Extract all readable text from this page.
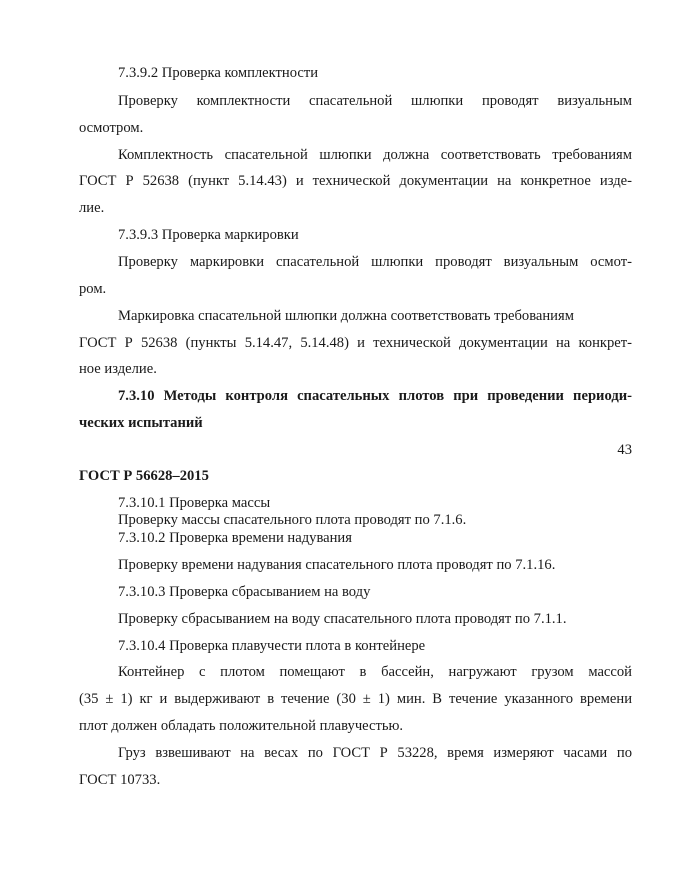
7.3.9.2 Проверка комплектности
Проверку комплектности спасательной шлюпки проводят визуальным
осмотром.
Комплектность спасательной шлюпки должна соответствовать требованиям
ГОСТ Р 52638 (пункт 5.14.43) и технической документации на конкретное изде-
лие.
7.3.9.3 Проверка маркировки
Проверку маркировки спасательной шлюпки проводят визуальным осмот-
ром.
Маркировка спасательной шлюпки должна соответствовать требованиям
ГОСТ Р 52638 (пункты 5.14.47, 5.14.48) и технической документации на конкрет-
ное изделие.
7.3.10 Методы контроля спасательных плотов при проведении периоди-
ческих испытаний
43
ГОСТ Р 56628–2015
7.3.10.1 Проверка массы
Проверку массы спасательного плота проводят по 7.1.6.
7.3.10.2 Проверка времени надувания
Проверку времени надувания спасательного плота проводят по 7.1.16.
7.3.10.3 Проверка сбрасыванием на воду
Проверку сбрасыванием на воду спасательного плота проводят по 7.1.1.
7.3.10.4 Проверка плавучести плота в контейнере
Контейнер с плотом помещают в бассейн, нагружают грузом массой
(35 ± 1) кг и выдерживают в течение (30 ± 1) мин. В течение указанного времени
плот должен обладать положительной плавучестью.
Груз взвешивают на весах по ГОСТ Р 53228, время измеряют часами по
ГОСТ 10733.
